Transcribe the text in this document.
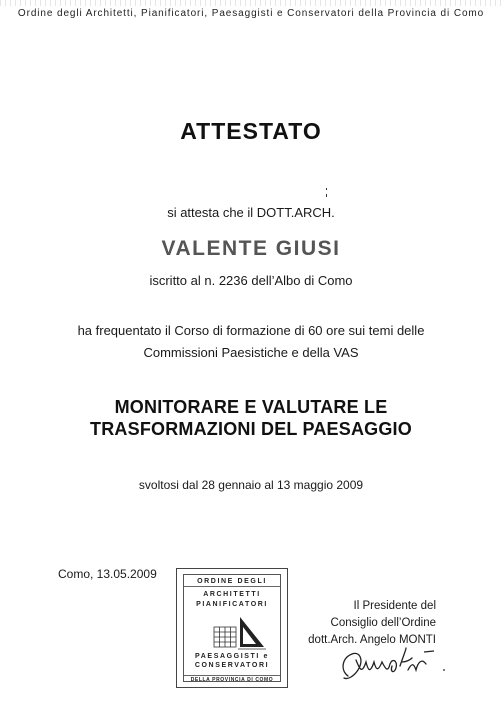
Ordine degli Architetti, Pianificatori, Paesaggisti e Conservatori della Provincia di Como
ATTESTATO
si attesta che il DOTT.ARCH.
VALENTE GIUSI
iscritto al n. 2236 dell’Albo di Como
ha frequentato il Corso di formazione di 60 ore sui temi delle
Commissioni Paesistiche e della VAS
MONITORARE E VALUTARE LE
TRASFORMAZIONI DEL PAESAGGIO
svoltosi dal 28 gennaio al 13 maggio 2009
Como, 13.05.2009
ORDINE DEGLI
ARCHITETTI
PIANIFICATORI
PAESAGGISTI e
CONSERVATORI
DELLA PROVINCIA DI COMO
Il Presidente del
Consiglio dell’Ordine
dott.Arch. Angelo MONTI
